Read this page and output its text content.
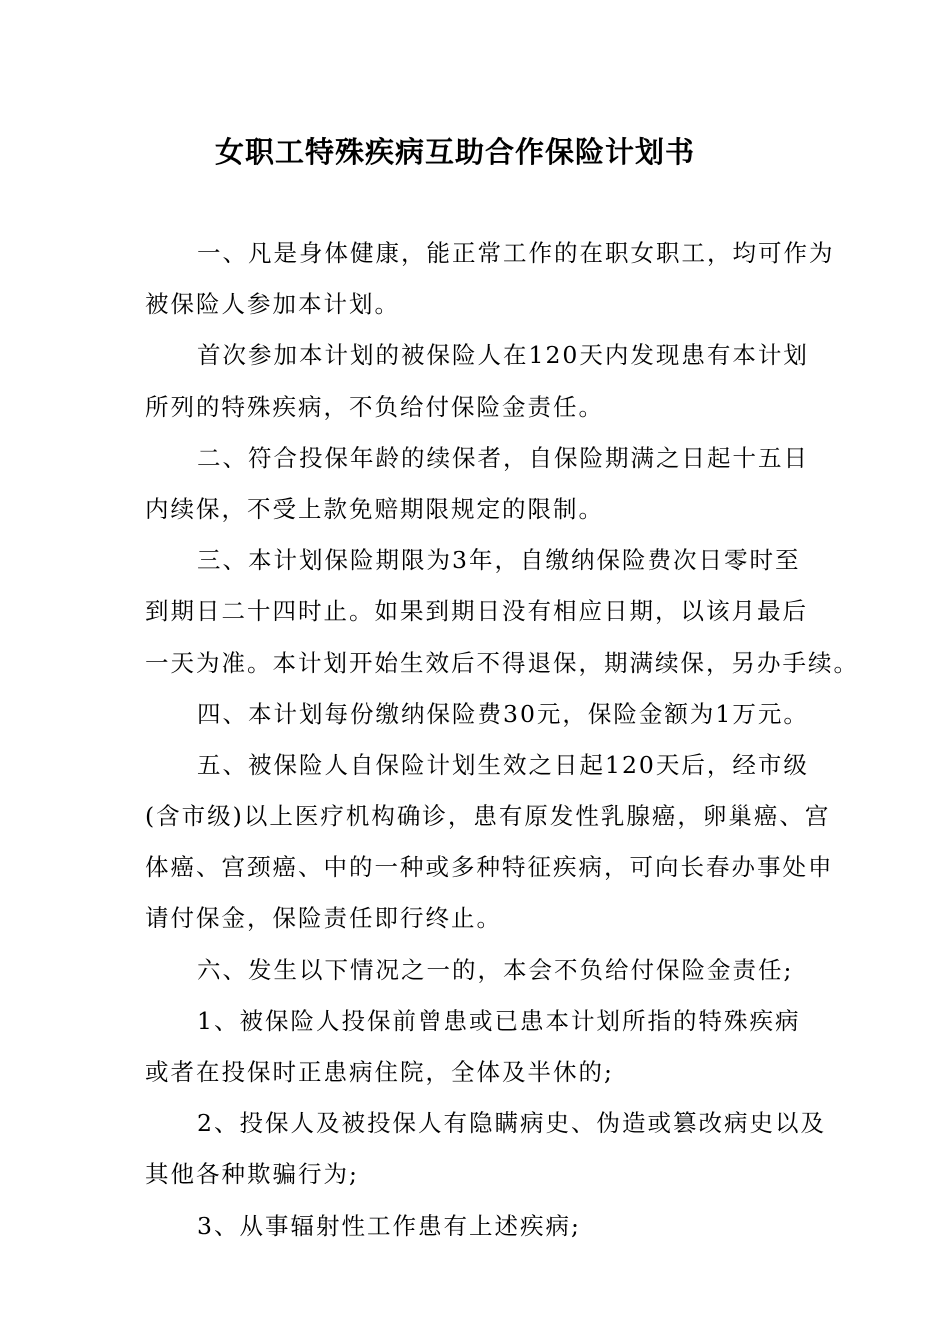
女职工特殊疾病互助合作保险计划书
一、凡是身体健康，能正常工作的在职女职工，均可作为
被保险人参加本计划。
首次参加本计划的被保险人在120天内发现患有本计划
所列的特殊疾病，不负给付保险金责任。
二、符合投保年龄的续保者，自保险期满之日起十五日
内续保，不受上款免赔期限规定的限制。
三、本计划保险期限为3年，自缴纳保险费次日零时至
到期日二十四时止。如果到期日没有相应日期，以该月最后
一天为准。本计划开始生效后不得退保，期满续保，另办手续。
四、本计划每份缴纳保险费30元，保险金额为1万元。
五、被保险人自保险计划生效之日起120天后，经市级
(含市级)以上医疗机构确诊，患有原发性乳腺癌，卵巢癌、宫
体癌、宫颈癌、中的一种或多种特征疾病，可向长春办事处申
请付保金，保险责任即行终止。
六、发生以下情况之一的，本会不负给付保险金责任;
1、被保险人投保前曾患或已患本计划所指的特殊疾病
或者在投保时正患病住院，全体及半休的;
2、投保人及被投保人有隐瞒病史、伪造或篡改病史以及
其他各种欺骗行为;
3、从事辐射性工作患有上述疾病;
